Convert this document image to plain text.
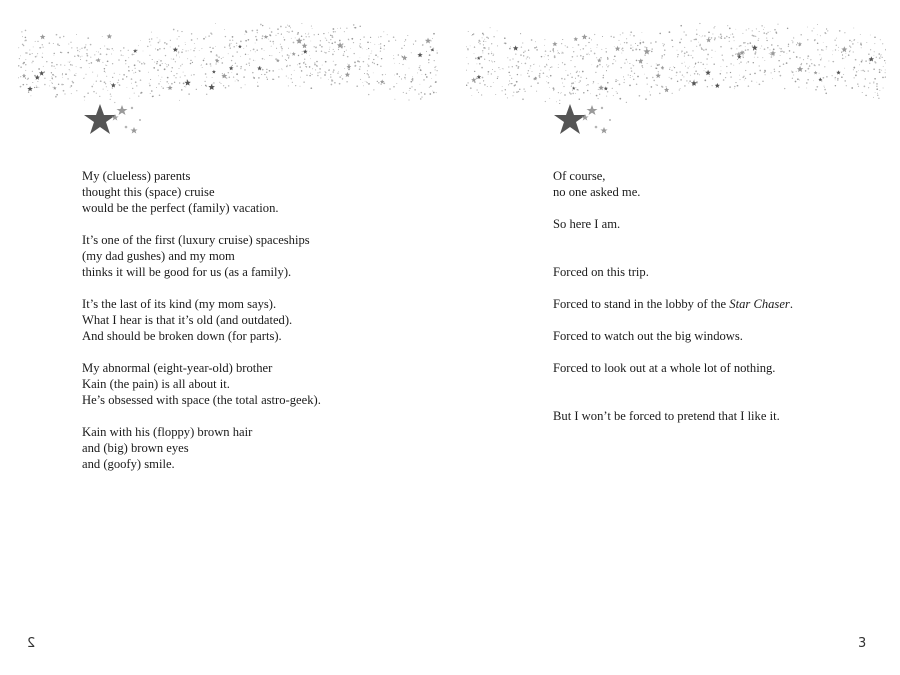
My (clueless) parents
thought this (space) cruise
would be the perfect (family) vacation.

It’s one of the first (luxury cruise) spaceships
(my dad gushes) and my mom
thinks it will be good for us (as a family).

It’s the last of its kind (my mom says).
What I hear is that it’s old (and outdated).
And should be broken down (for parts).

My abnormal (eight-year-old) brother
Kain (the pain) is all about it.
He’s obsessed with space (the total astro-geek).

Kain with his (floppy) brown hair
and (big) brown eyes
and (goofy) smile.

2
Of course,
no one asked me.
So here I am.
Forced on this trip.
Forced to stand in the lobby of the Star Chaser.
Forced to watch out the big windows.
Forced to look out at a whole lot of nothing.
But I won’t be forced to pretend that I like it.
3
